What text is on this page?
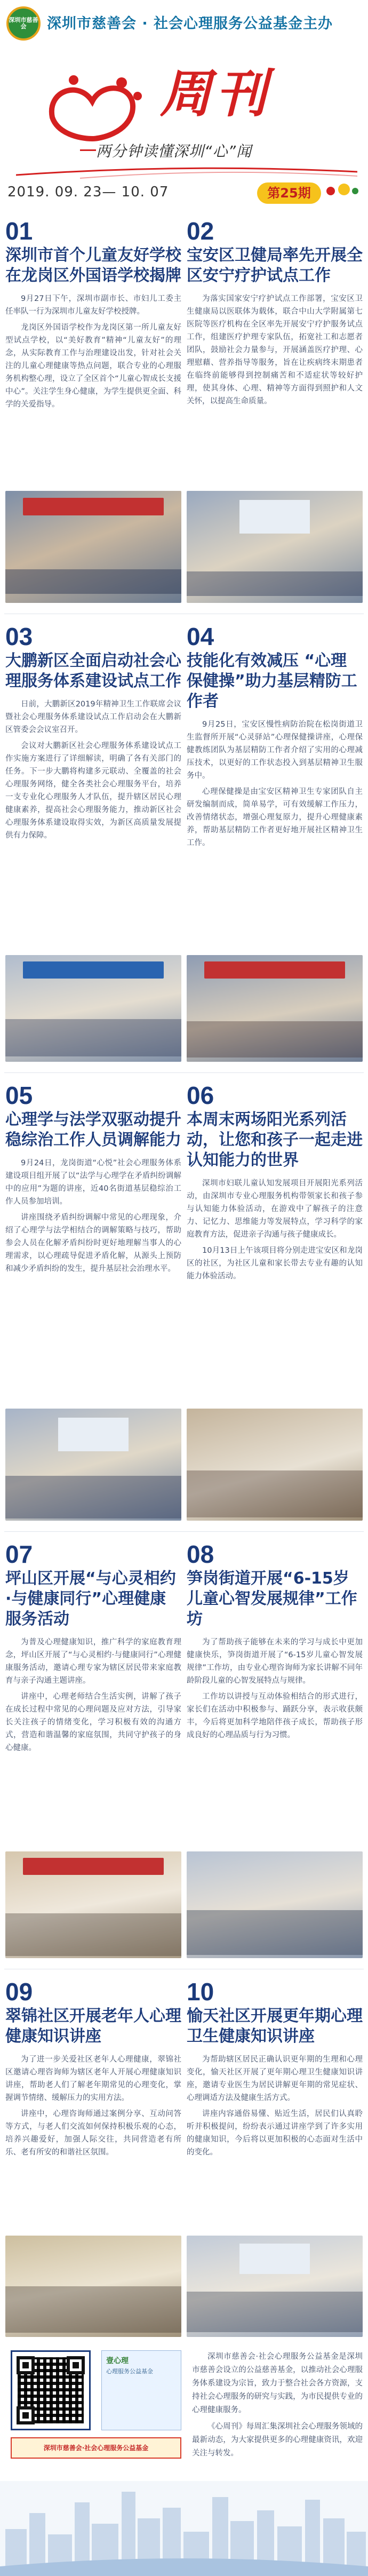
深圳市慈善会	深圳市慈善会 · 社会心理服务公益基金主办
周刊
两分钟读懂深圳“心”闻
2019. 09. 23— 10. 07	第25期
01
深圳市首个儿童友好学校在龙岗区外国语学校揭牌

9月27日下午，深圳市副市长、市妇儿工委主任率队一行为深圳市儿童友好学校授牌。

龙岗区外国语学校作为龙岗区第一所儿童友好型试点学校，以“美好教育”精神“儿童友好”的理念，从实际教育工作与治理建设出发，针对社会关注的儿童心理健康等热点问题，联合专业的心理服务机构整心理，设立了全区首个“儿童心智成长支援中心”。关注学生身心健康，为学生提供更全面、科学的关爱指导。

02
宝安区卫健局率先开展全区安宁疗护试点工作

为落实国家安宁疗护试点工作部署，宝安区卫生健康局以医联体为载体，联合中山大学附属第七医院等医疗机构在全区率先开展安宁疗护服务试点工作，组建医疗护理专家队伍，拓宽社工和志愿者团队，鼓励社会力量参与，开展涵盖医疗护理、心理慰藉、营养指导等服务，旨在让疾病终末期患者在临终前能够得到控制痛苦和不适症状等较好护理，使其身体、心理、精神等方面得到照护和人文关怀，以提高生命质量。

03
大鹏新区全面启动社会心理服务体系建设试点工作

日前，大鹏新区2019年精神卫生工作联席会议暨社会心理服务体系建设试点工作启动会在大鹏新区管委会会议室召开。

会议对大鹏新区社会心理服务体系建设试点工作实施方案进行了详细解读，明确了各有关部门的任务。下一步大鹏将构建多元联动、全覆盖的社会心理服务网络，健全各类社会心理服务平台，培养一支专业化心理服务人才队伍，提升辖区居民心理健康素养，提高社会心理服务能力，推动新区社会心理服务体系建设取得实效，为新区高质量发展提供有力保障。

04
技能化有效减压 “心理保健操”助力基层精防工作者

9月25日，宝安区慢性病防治院在松岗街道卫生监督所开展“心灵驿站”心理保健操讲座，心理保健教练团队为基层精防工作者介绍了实用的心理减压技术，以更好的工作状态投入到基层精神卫生服务中。

心理保健操是由宝安区精神卫生专家团队自主研发编制而成，简单易学，可有效缓解工作压力，改善情绪状态，增强心理复原力，提升心理健康素养，帮助基层精防工作者更好地开展社区精神卫生工作。

05
心理学与法学双驱动提升稳综治工作人员调解能力

9月24日，龙岗街道“心悦”社会心理服务体系建设项目组开展了以“法学与心理学在矛盾纠纷调解中的应用”为题的讲座，近40名街道基层稳综治工作人员参加培训。

讲座围绕矛盾纠纷调解中常见的心理现象，介绍了心理学与法学相结合的调解策略与技巧，帮助参会人员在化解矛盾纠纷时更好地理解当事人的心理需求，以心理疏导促进矛盾化解，从源头上预防和减少矛盾纠纷的发生，提升基层社会治理水平。

06
本周末两场阳光系列活动，让您和孩子一起走进认知能力的世界

深圳市妇联儿童认知发展项目开展阳光系列活动，由深圳市专业心理服务机构带领家长和孩子参与认知能力体验活动，在游戏中了解孩子的注意力、记忆力、思维能力等发展特点，学习科学的家庭教育方法，促进亲子沟通与孩子健康成长。

10月13日上午该项目将分别走进宝安区和龙岗区的社区，为社区儿童和家长带去专业有趣的认知能力体验活动。

07
坪山区开展“与心灵相约·与健康同行”心理健康服务活动

为普及心理健康知识，推广科学的家庭教育理念，坪山区开展了“与心灵相约·与健康同行”心理健康服务活动，邀请心理专家为辖区居民带来家庭教育与亲子沟通主题讲座。

讲座中，心理老师结合生活实例，讲解了孩子在成长过程中常见的心理问题及应对方法，引导家长关注孩子的情绪变化，学习积极有效的沟通方式，营造和谐温馨的家庭氛围，共同守护孩子的身心健康。

08
笋岗街道开展“6-15岁儿童心智发展规律”工作坊

为了帮助孩子能够在未来的学习与成长中更加健康快乐，笋岗街道开展了“6-15岁儿童心智发展规律”工作坊，由专业心理咨询师为家长讲解不同年龄阶段儿童的心智发展特点与规律。

工作坊以讲授与互动体验相结合的形式进行，家长们在活动中积极参与、踊跃分享，表示收获颇丰，今后将更加科学地陪伴孩子成长，帮助孩子形成良好的心理品质与行为习惯。

09
翠锦社区开展老年人心理健康知识讲座

为了进一步关爱社区老年人心理健康，翠锦社区邀请心理咨询师为辖区老年人开展心理健康知识讲座，帮助老人们了解老年期常见的心理变化，掌握调节情绪、缓解压力的实用方法。

讲座中，心理咨询师通过案例分享、互动问答等方式，与老人们交流如何保持积极乐观的心态，培养兴趣爱好，加强人际交往，共同营造老有所乐、老有所安的和谐社区氛围。

10
愉天社区开展更年期心理卫生健康知识讲座

为帮助辖区居民正确认识更年期的生理和心理变化，愉天社区开展了更年期心理卫生健康知识讲座，邀请专业医生为居民讲解更年期的常见症状、心理调适方法及健康生活方式。

讲座内容通俗易懂、贴近生活，居民们认真聆听并积极提问，纷纷表示通过讲座学到了许多实用的健康知识，今后将以更加积极的心态面对生活中的变化。

壹心理
心理服务公益基金
深圳市慈善会·社会心理服务公益基金

深圳市慈善会·社会心理服务公益基金是深圳市慈善会设立的公益慈善基金，以推动社会心理服务体系建设为宗旨，致力于整合社会各方资源，支持社会心理服务的研究与实践，为市民提供专业的心理健康服务。

《心周刊》每周汇集深圳社会心理服务领域的最新动态，为大家提供更多的心理健康资讯，欢迎关注与转发。
